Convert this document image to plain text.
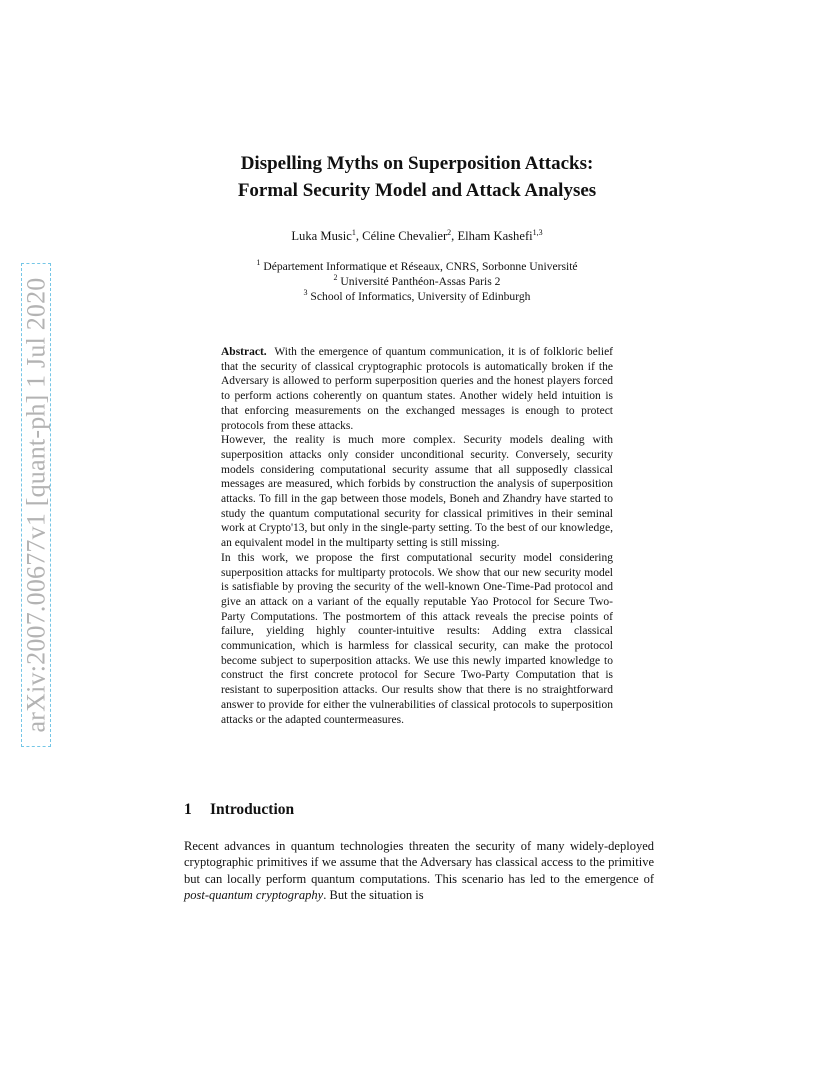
arXiv:2007.00677v1 [quant-ph] 1 Jul 2020
Dispelling Myths on Superposition Attacks:
Formal Security Model and Attack Analyses
Luka Music$^1$, Céline Chevalier$^2$, Elham Kashefi$^{1,3}$
$^1$ Département Informatique et Réseaux, CNRS, Sorbonne Université
$^2$ Université Panthéon-Assas Paris 2
$^3$ School of Informatics, University of Edinburgh

Abstract. With the emergence of quantum communication, it is of folkloric belief that the security of classical cryptographic protocols is automatically broken if the Adversary is allowed to perform superposition queries and the honest players forced to perform actions coherently on quantum states. Another widely held intuition is that enforcing measurements on the exchanged messages is enough to protect protocols from these attacks.

However, the reality is much more complex. Security models dealing with superposition attacks only consider unconditional security. Conversely, security models considering computational security assume that all supposedly classical messages are measured, which forbids by construction the analysis of superposition attacks. To fill in the gap between those models, Boneh and Zhandry have started to study the quantum computational security for classical primitives in their seminal work at Crypto'13, but only in the single-party setting. To the best of our knowledge, an equivalent model in the multiparty setting is still missing.

In this work, we propose the first computational security model considering superposition attacks for multiparty protocols. We show that our new security model is satisfiable by proving the security of the well-known One-Time-Pad protocol and give an attack on a variant of the equally reputable Yao Protocol for Secure Two-Party Computations. The postmortem of this attack reveals the precise points of failure, yielding highly counter-intuitive results: Adding extra classical communication, which is harmless for classical security, can make the protocol become subject to superposition attacks. We use this newly imparted knowledge to construct the first concrete protocol for Secure Two-Party Computation that is resistant to superposition attacks. Our results show that there is no straightforward answer to provide for either the vulnerabilities of classical protocols to superposition attacks or the adapted countermeasures.

1 Introduction

Recent advances in quantum technologies threaten the security of many widely-deployed cryptographic primitives if we assume that the Adversary has classical access to the primitive but can locally perform quantum computations. This scenario has led to the emergence of post-quantum cryptography. But the situation is
